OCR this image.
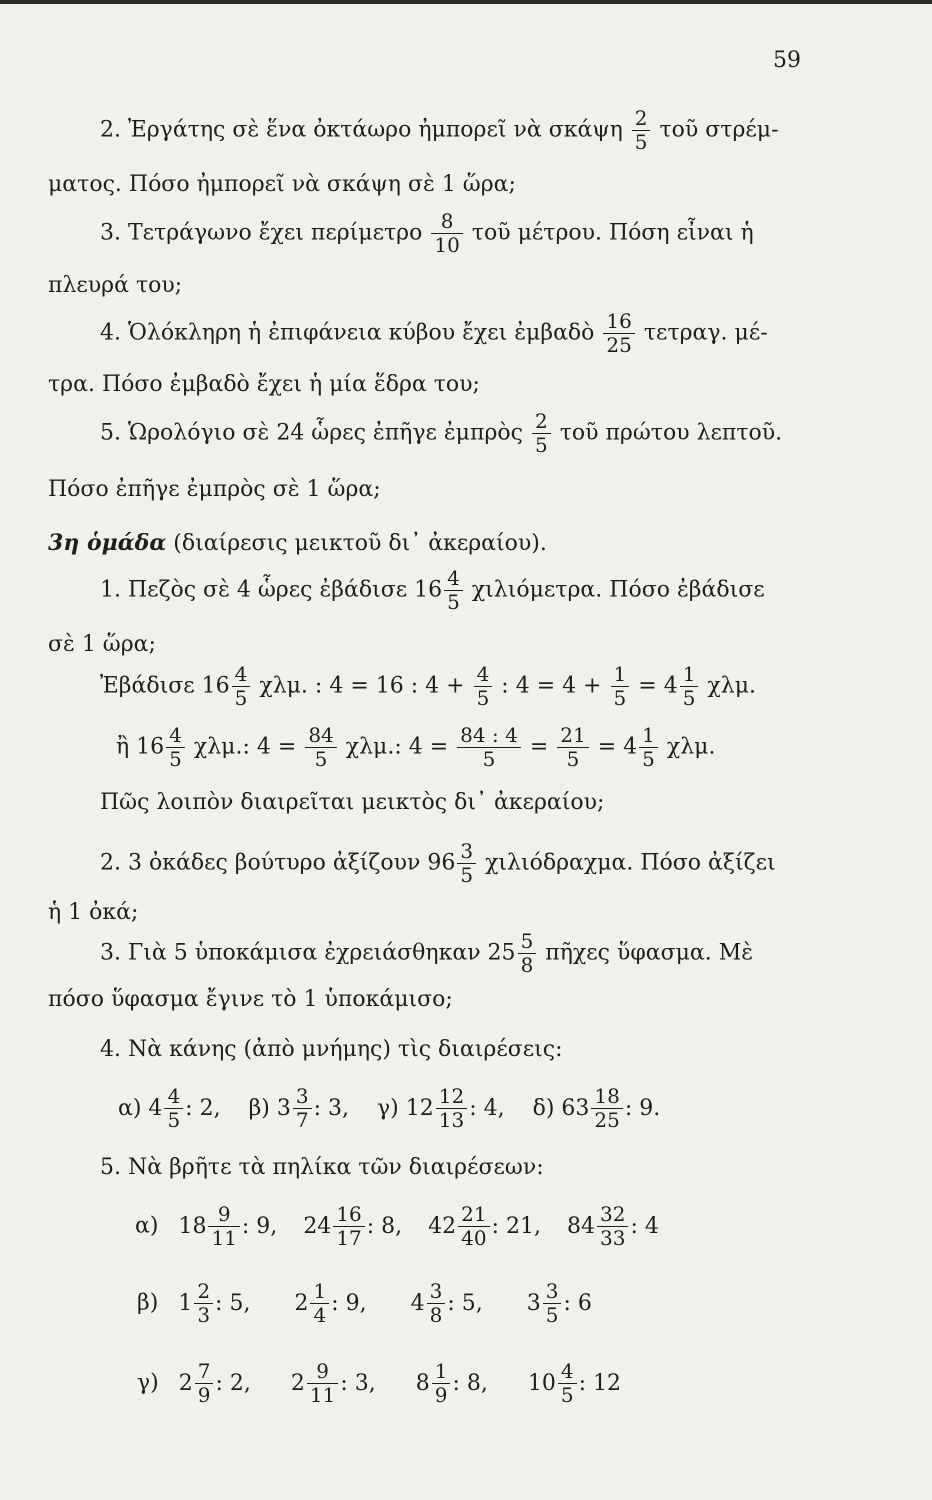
59
2. Ἐργάτης σὲ ἕνα ὀκτάωρο ἠμπορεῖ νὰ σκάψη $\frac{2}{5}$ τοῦ στρέμ-
ματος. Πόσο ἠμπορεῖ νὰ σκάψη σὲ 1 ὥρα;
3. Τετράγωνο ἔχει περίμετρο $\frac{8}{10}$ τοῦ μέτρου. Πόση εἶναι ἡ
πλευρά του;
4. Ὁλόκληρη ἡ ἐπιφάνεια κύβου ἔχει ἐμβαδὸ $\frac{16}{25} \tau\varepsilon\tau\rho\alpha\gamma$. μέ-
τρα. Πόσο ἐμβαδὸ ἔχει ἡ μία ἕδρα του;
5. Ὡρολόγιο σὲ 24 ὧρες ἐπῆγε ἐμπρὸς $\frac{2}{5}$ τοῦ πρώτου λεπτοῦ.
Πόσο ἐπῆγε ἐμπρὸς σὲ 1 ὥρα;
3η ὁμάδα (διαίρεσις μεικτοῦ δι᾽ ἀκεραίου).
1. Πεζὸς σὲ 4 ὧρες ἐβάδισε $16 \frac{4}{5} \chi\iota\lambda\iota ό\mu\varepsilon\tau\rho\alpha$. Πόσο ἐβάδισε
σὲ 1 ὥρα;
Ἐβάδισε $16 \frac{4}{5} \chi\lambda\mu$. : 4 = 16 : $4 + \frac{4}{5}$ : $4 = 4 + \frac{1}{5} = 4 \frac{1}{5} \chi\lambda\mu$.
ἢ $16 \frac{4}{5} \chi\lambda\mu$.: $4 = \frac{84}{5} \chi\lambda\mu$.: $4 = \frac{84 : 4}{5} = \frac{21}{5} = 4 \frac{1}{5} \chi\lambda\mu$.
Πῶς λοιπὸν διαιρεῖται μεικτὸς δι᾽ ἀκεραίου;
2. 3 ὀκάδες βούτυρο ἀξίζουν $96 \frac{3}{5} \chi\iota\lambda\iota ό\delta\rho\alpha\chi\mu\alpha$. Πόσο ἀξίζει
ἡ 1 ὀκά;
3. Γιὰ 5 ὑποκάμισα ἐχρειάσθηκαν $25 \frac{5}{8}$ πῆχες ὕφασμα. Μὲ
πόσο ὕφασμα ἔγινε τὸ 1 ὑποκάμισο;
4. Νὰ κάνης (ἀπὸ μνήμης) τὶς διαιρέσεις:
α) $4 \frac{4}{5}$ : 2, β) $3 \frac{3}{7}$ : 3, γ) $12 \frac{12}{13}$ : 4, δ) $63 \frac{18}{25}$ : 9.
5. Νὰ βρῆτε τὰ πηλίκα τῶν διαιρέσεων:
α) $18 \frac{9}{11}$ : 9, $24 \frac{16}{17}$ : 8, $42 \frac{21}{40}$ : 21, $84 \frac{32}{33}$ : 4
β) $1 \frac{2}{3}$ : 5, $2 \frac{1}{4}$ : 9, $4 \frac{3}{8}$ : 5, $3 \frac{3}{5}$ : 6
γ) $2 \frac{7}{9}$ : 2, $2 \frac{9}{11}$ : 3, $8 \frac{1}{9}$ : 8, $10 \frac{4}{5}$ : 12
